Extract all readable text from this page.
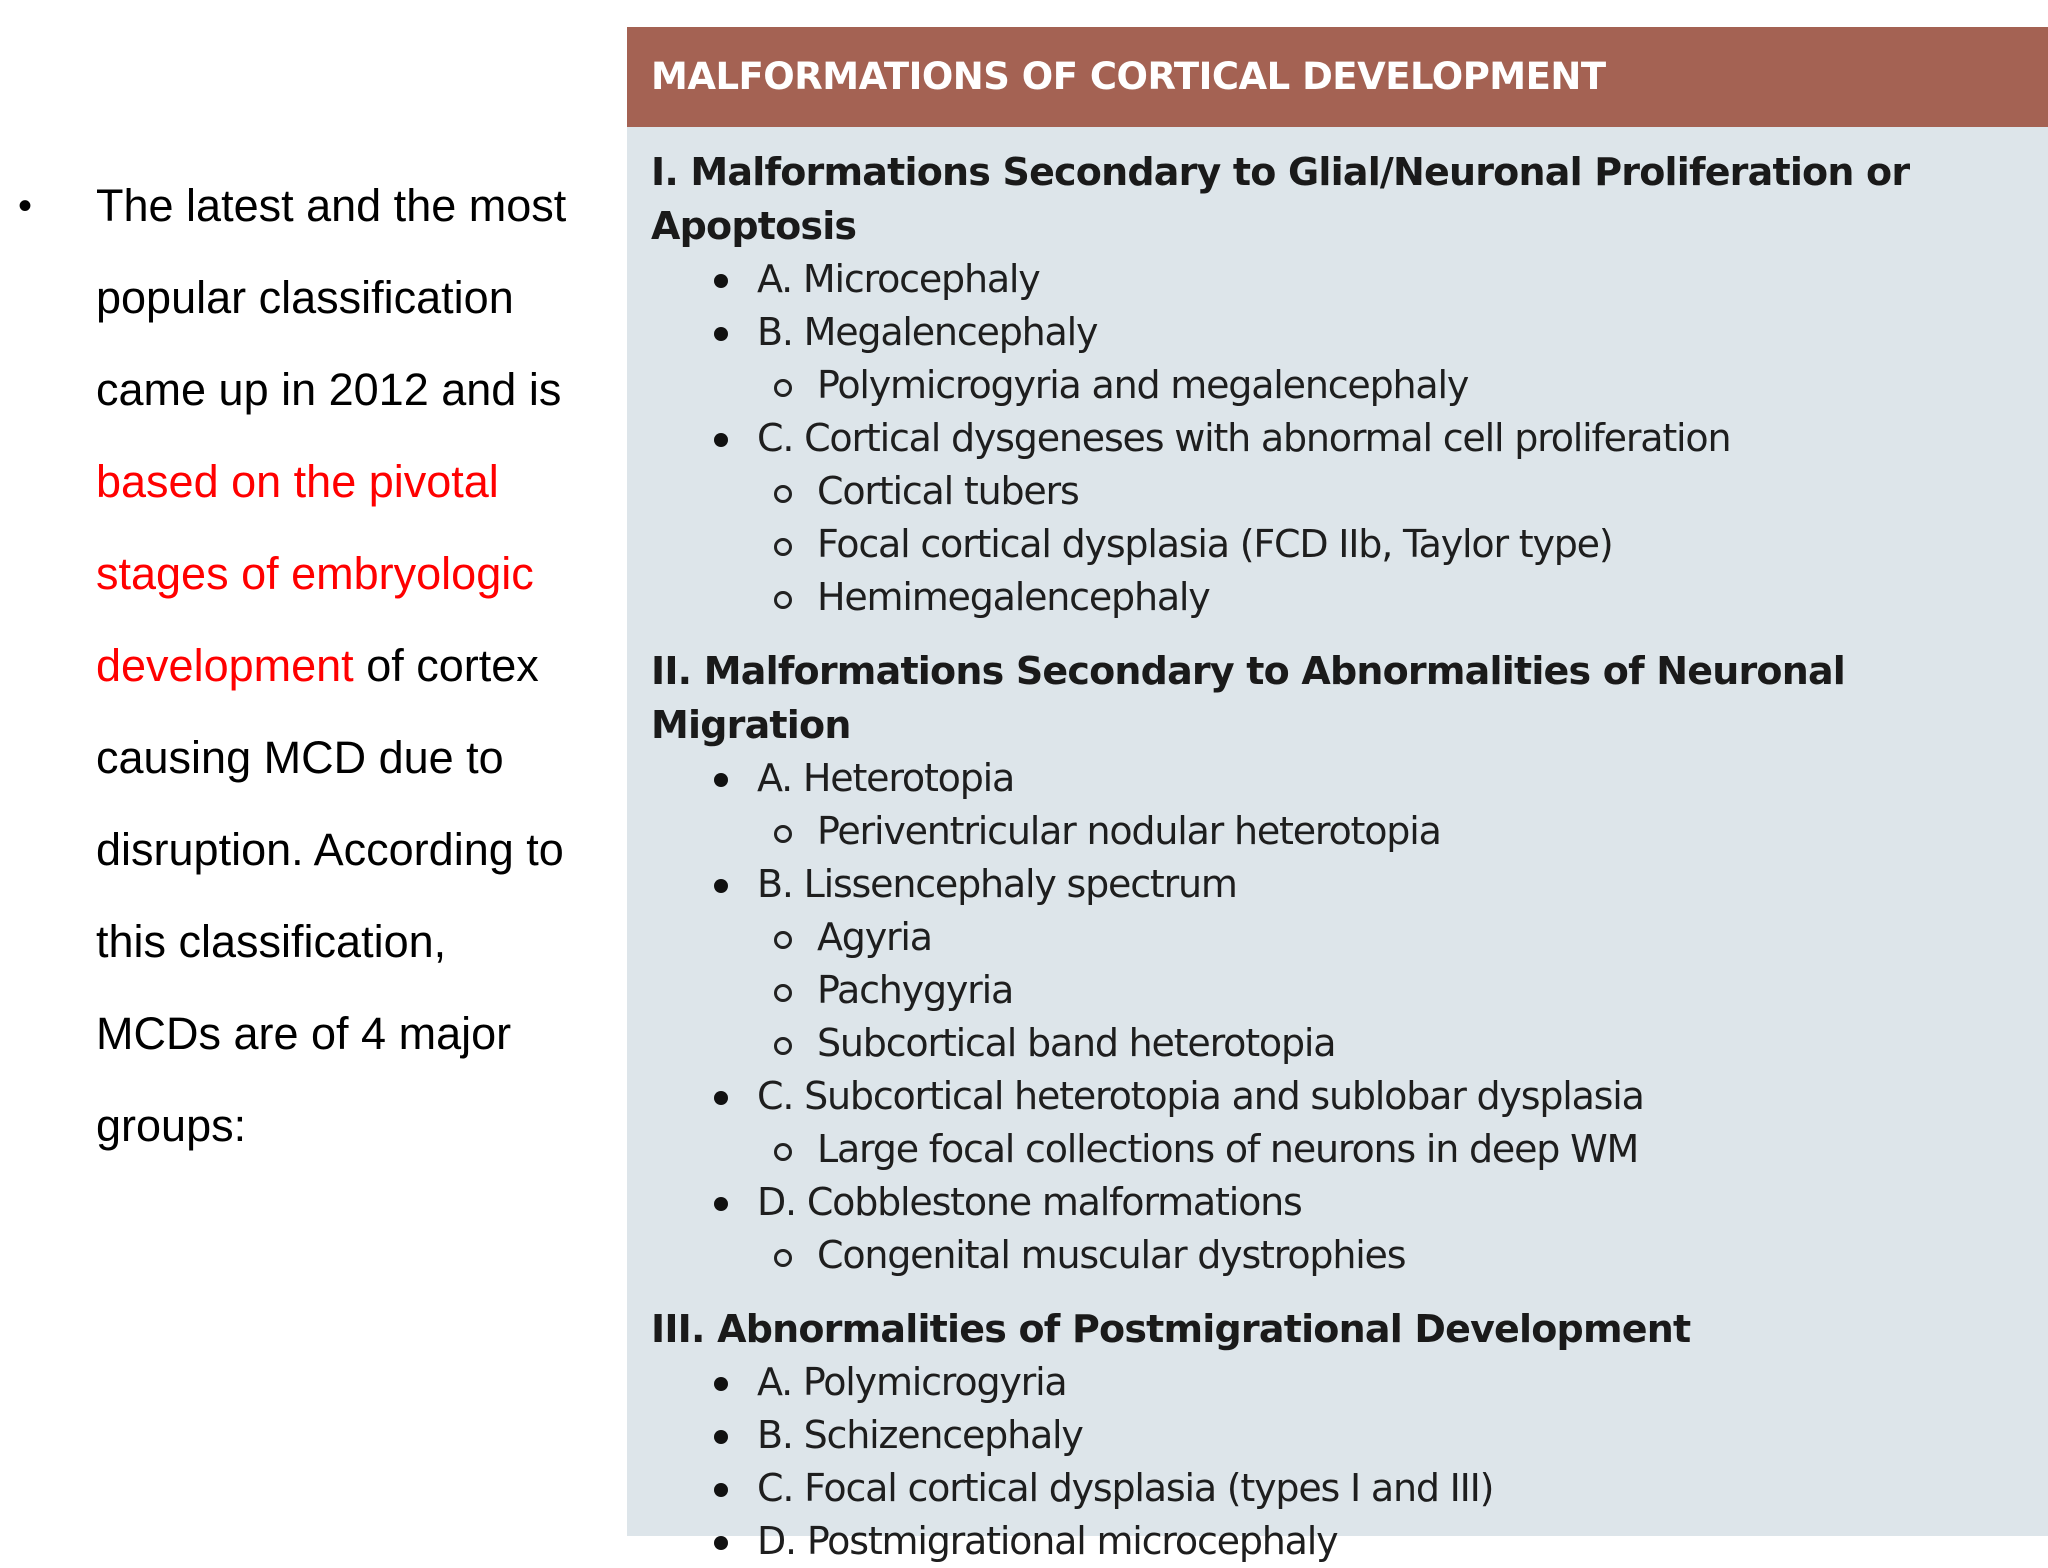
• The latest and the most popular classification came up in 2012 and is based on the pivotal stages of embryologic development of cortex causing MCD due to disruption. According to this classification, MCDs are of 4 major groups:
MALFORMATIONS OF CORTICAL DEVELOPMENT
I. Malformations Secondary to Glial/Neuronal Proliferation or Apoptosis
A. Microcephaly
B. Megalencephaly
Polymicrogyria and megalencephaly
C. Cortical dysgeneses with abnormal cell proliferation
Cortical tubers
Focal cortical dysplasia (FCD IIb, Taylor type)
Hemimegalencephaly
II. Malformations Secondary to Abnormalities of Neuronal Migration
A. Heterotopia
Periventricular nodular heterotopia
B. Lissencephaly spectrum
Agyria
Pachygyria
Subcortical band heterotopia
C. Subcortical heterotopia and sublobar dysplasia
Large focal collections of neurons in deep WM
D. Cobblestone malformations
Congenital muscular dystrophies
III. Abnormalities of Postmigrational Development
A. Polymicrogyria
B. Schizencephaly
C. Focal cortical dysplasia (types I and III)
D. Postmigrational microcephaly
